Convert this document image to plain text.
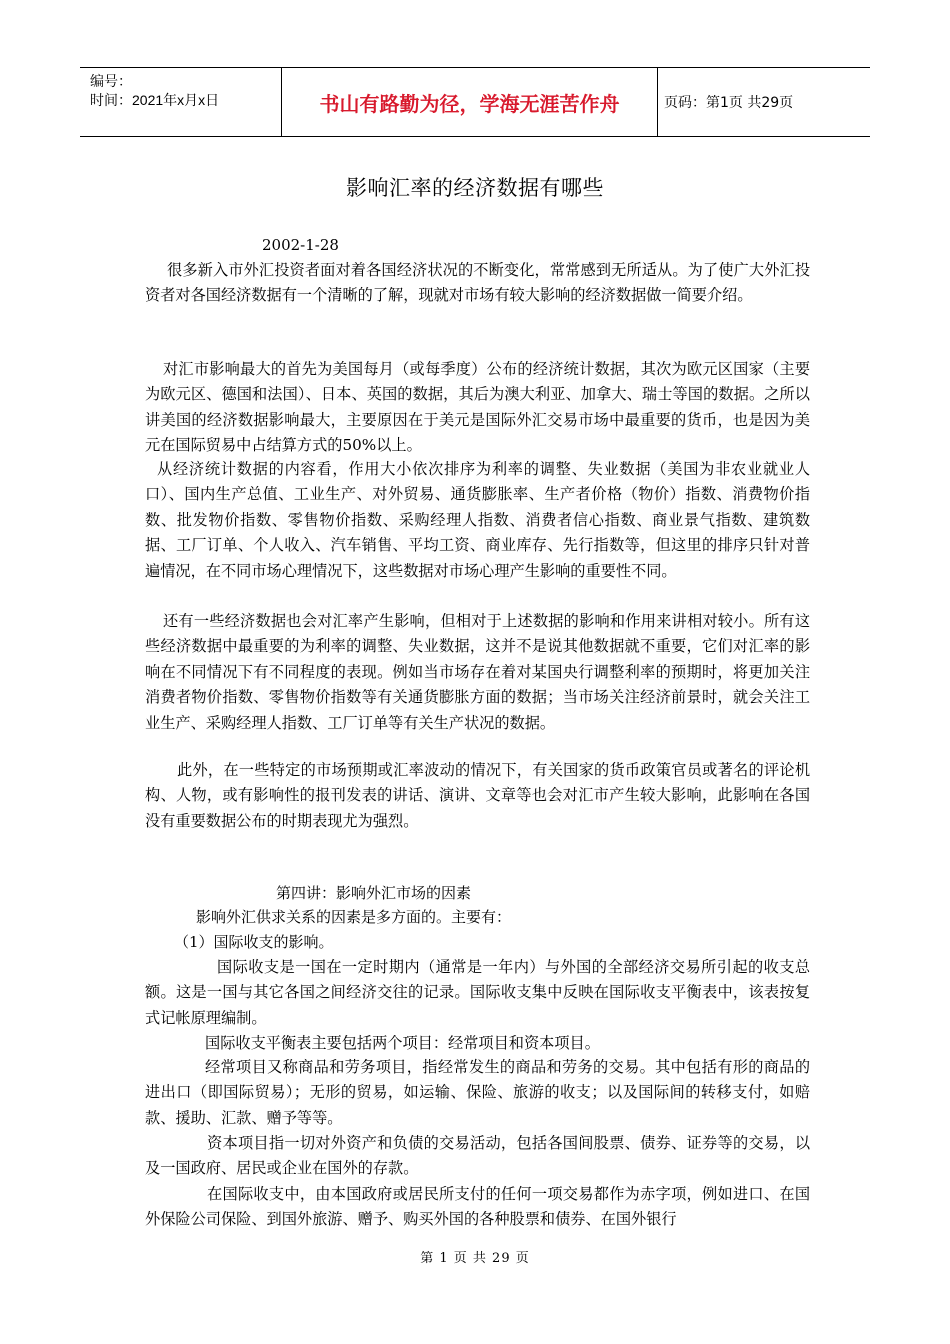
编号：
时间：2021年x月x日	书山有路勤为径，学海无涯苦作舟	页码：第1页 共29页
影响汇率的经济数据有哪些
2002-1-28

很多新入市外汇投资者面对着各国经济状况的不断变化，常常感到无所适从。为了使广大外汇投资者对各国经济数据有一个清晰的了解，现就对市场有较大影响的经济数据做一简要介绍。

对汇市影响最大的首先为美国每月（或每季度）公布的经济统计数据，其次为欧元区国家（主要为欧元区、德国和法国）、日本、英国的数据，其后为澳大利亚、加拿大、瑞士等国的数据。之所以讲美国的经济数据影响最大，主要原因在于美元是国际外汇交易市场中最重要的货币，也是因为美元在国际贸易中占结算方式的50%以上。

从经济统计数据的内容看，作用大小依次排序为利率的调整、失业数据（美国为非农业就业人口）、国内生产总值、工业生产、对外贸易、通货膨胀率、生产者价格（物价）指数、消费物价指数、批发物价指数、零售物价指数、采购经理人指数、消费者信心指数、商业景气指数、建筑数据、工厂订单、个人收入、汽车销售、平均工资、商业库存、先行指数等，但这里的排序只针对普遍情况，在不同市场心理情况下，这些数据对市场心理产生影响的重要性不同。

还有一些经济数据也会对汇率产生影响，但相对于上述数据的影响和作用来讲相对较小。所有这些经济数据中最重要的为利率的调整、失业数据，这并不是说其他数据就不重要，它们对汇率的影响在不同情况下有不同程度的表现。例如当市场存在着对某国央行调整利率的预期时，将更加关注消费者物价指数、零售物价指数等有关通货膨胀方面的数据；当市场关注经济前景时，就会关注工业生产、采购经理人指数、工厂订单等有关生产状况的数据。

此外，在一些特定的市场预期或汇率波动的情况下，有关国家的货币政策官员或著名的评论机构、人物，或有影响性的报刊发表的讲话、演讲、文章等也会对汇市产生较大影响，此影响在各国没有重要数据公布的时期表现尤为强烈。

第四讲：影响外汇市场的因素
影响外汇供求关系的因素是多方面的。主要有：
（1）国际收支的影响。

国际收支是一国在一定时期内（通常是一年内）与外国的全部经济交易所引起的收支总额。这是一国与其它各国之间经济交往的记录。国际收支集中反映在国际收支平衡表中，该表按复式记帐原理编制。

国际收支平衡表主要包括两个项目：经常项目和资本项目。

经常项目又称商品和劳务项目，指经常发生的商品和劳务的交易。其中包括有形的商品的进出口（即国际贸易）；无形的贸易，如运输、保险、旅游的收支；以及国际间的转移支付，如赔款、援助、汇款、赠予等等。

资本项目指一切对外资产和负债的交易活动，包括各国间股票、债券、证券等的交易，以及一国政府、居民或企业在国外的存款。

在国际收支中，由本国政府或居民所支付的任何一项交易都作为赤字项，例如进口、在国外保险公司保险、到国外旅游、赠予、购买外国的各种股票和债券、在国外银行

第 1 页 共 29 页
